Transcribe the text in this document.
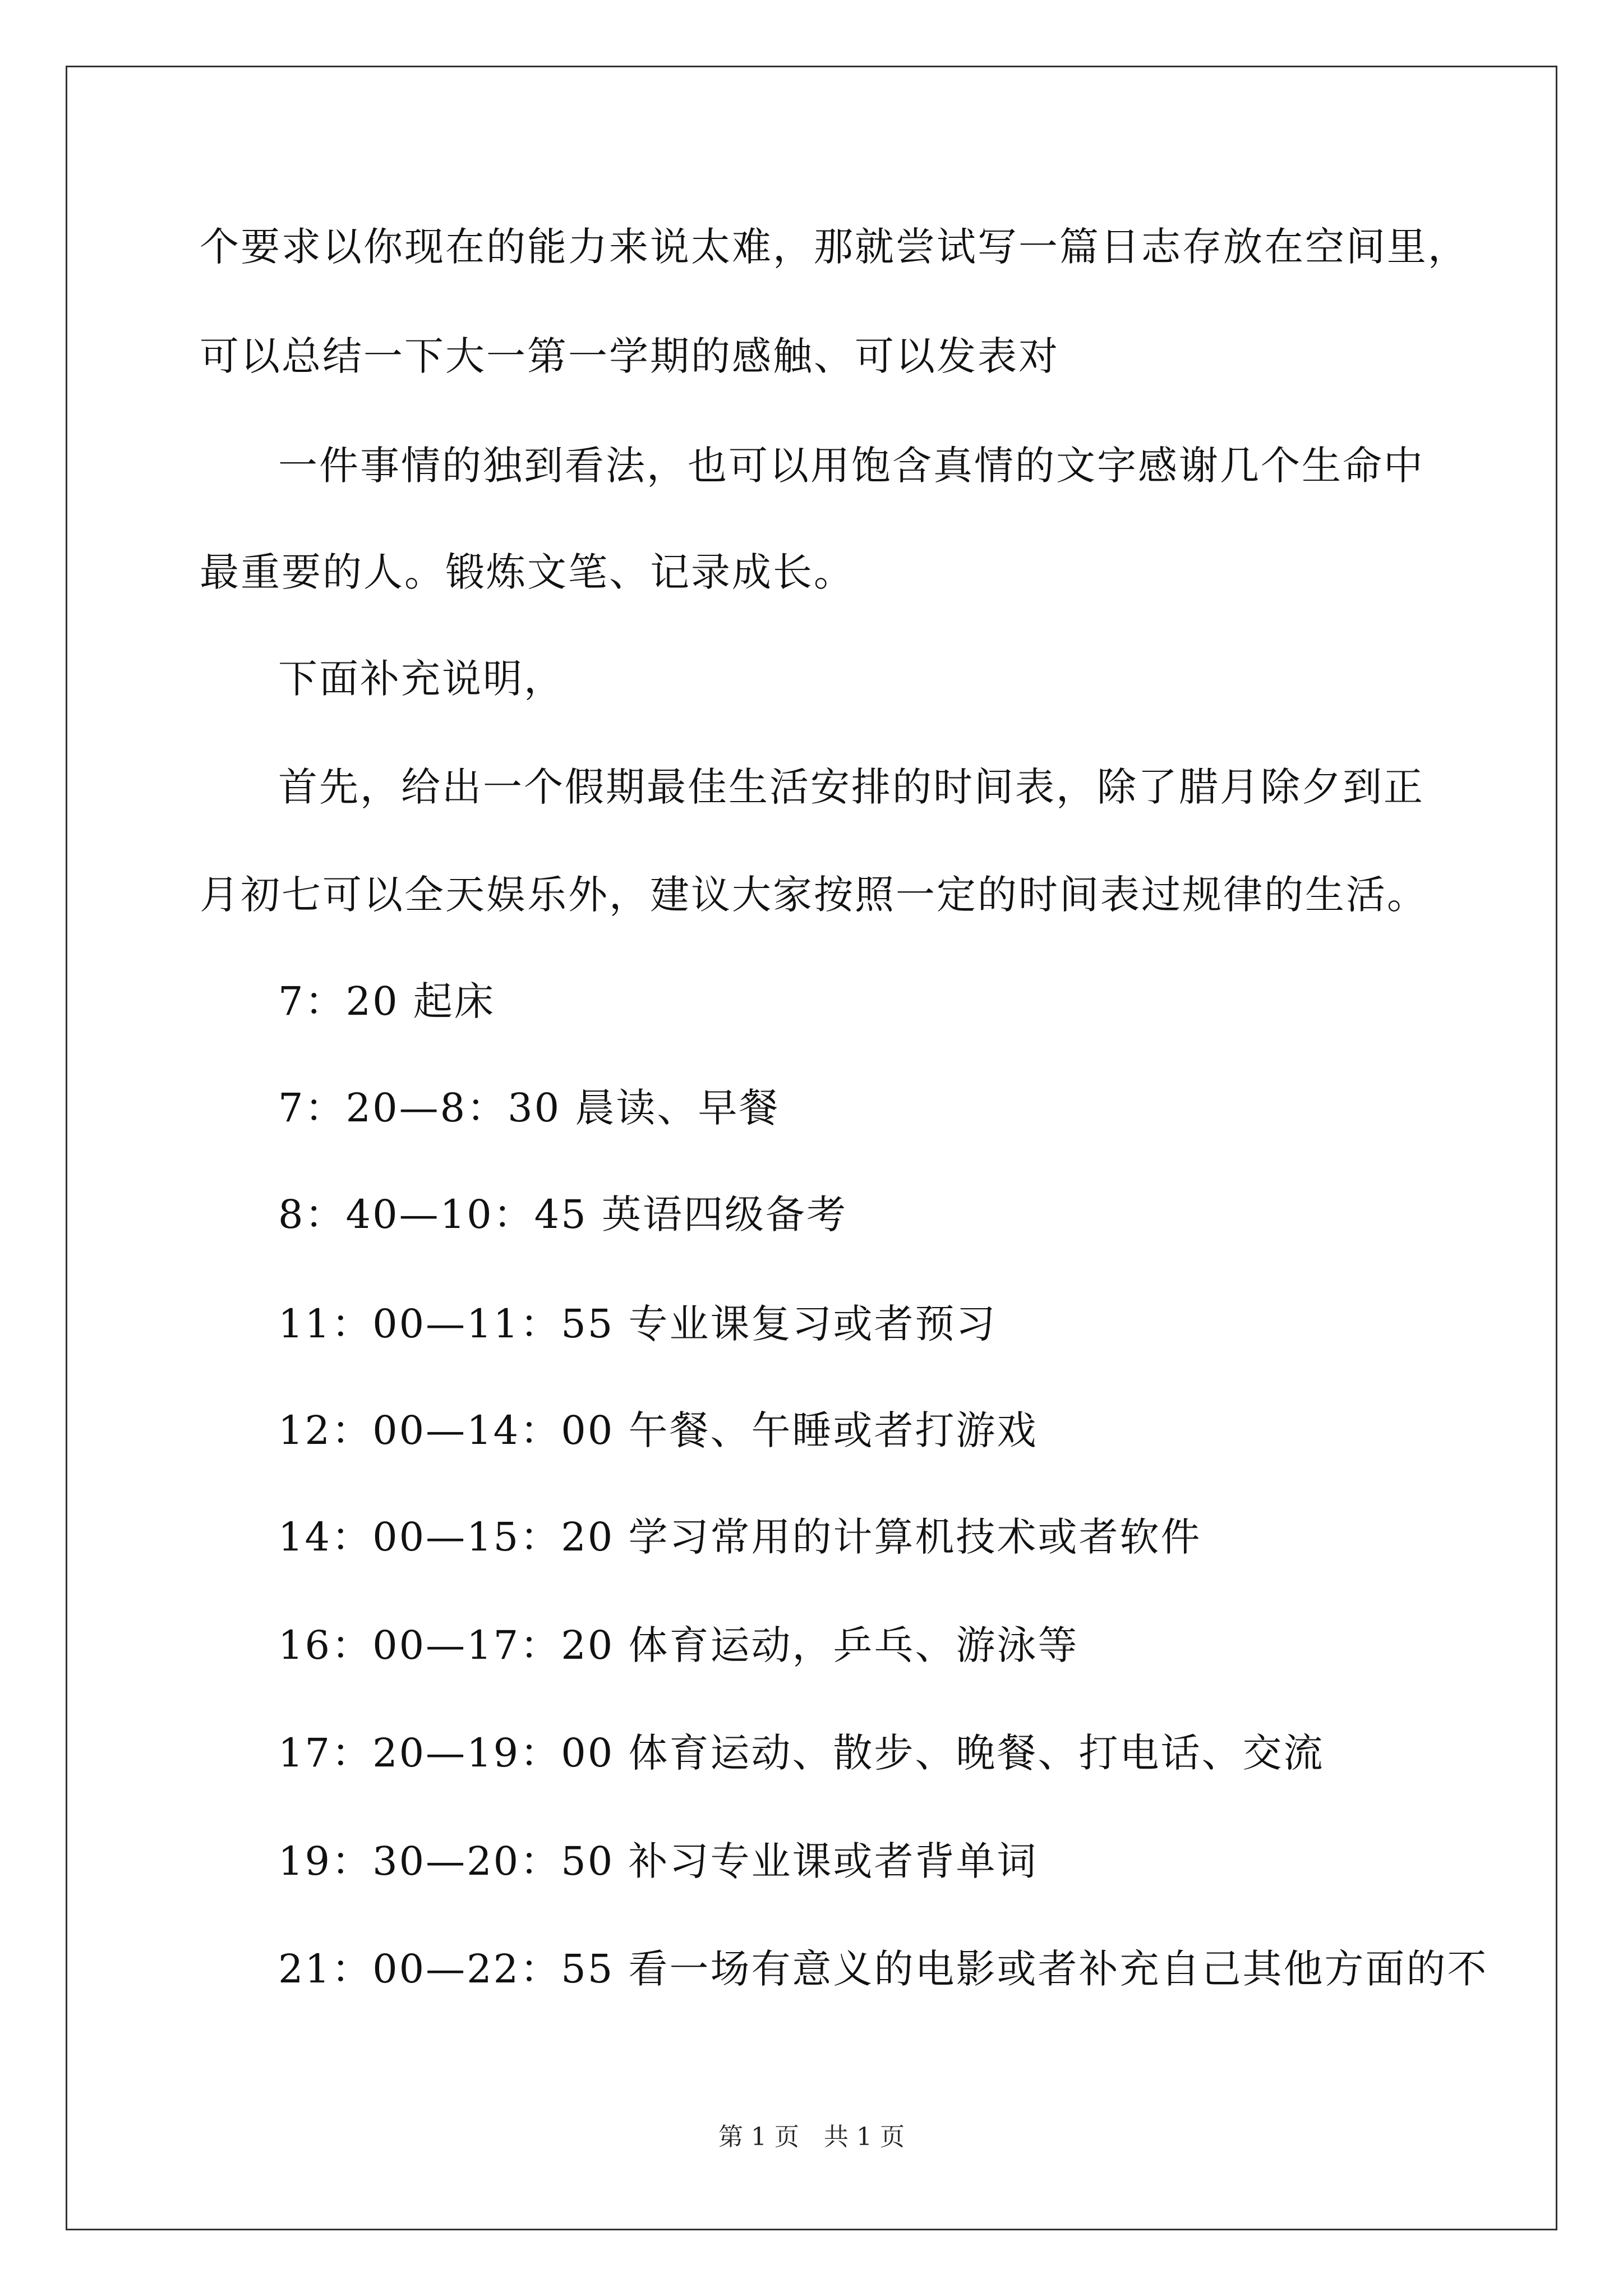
个要求以你现在的能力来说太难，那就尝试写一篇日志存放在空间里，
可以总结一下大一第一学期的感触、可以发表对
一件事情的独到看法，也可以用饱含真情的文字感谢几个生命中
最重要的人。锻炼文笔、记录成长。
下面补充说明，
首先，给出一个假期最佳生活安排的时间表，除了腊月除夕到正
月初七可以全天娱乐外，建议大家按照一定的时间表过规律的生活。
7：20 起床
7：20—8：30 晨读、早餐
8：40—10：45 英语四级备考
11：00—11：55 专业课复习或者预习
12：00—14：00 午餐、午睡或者打游戏
14：00—15：20 学习常用的计算机技术或者软件
16：00—17：20 体育运动，乒乓、游泳等
17：20—19：00 体育运动、散步、晚餐、打电话、交流
19：30—20：50 补习专业课或者背单词
21：00—22：55 看一场有意义的电影或者补充自己其他方面的不
第 1 页　共 1 页
